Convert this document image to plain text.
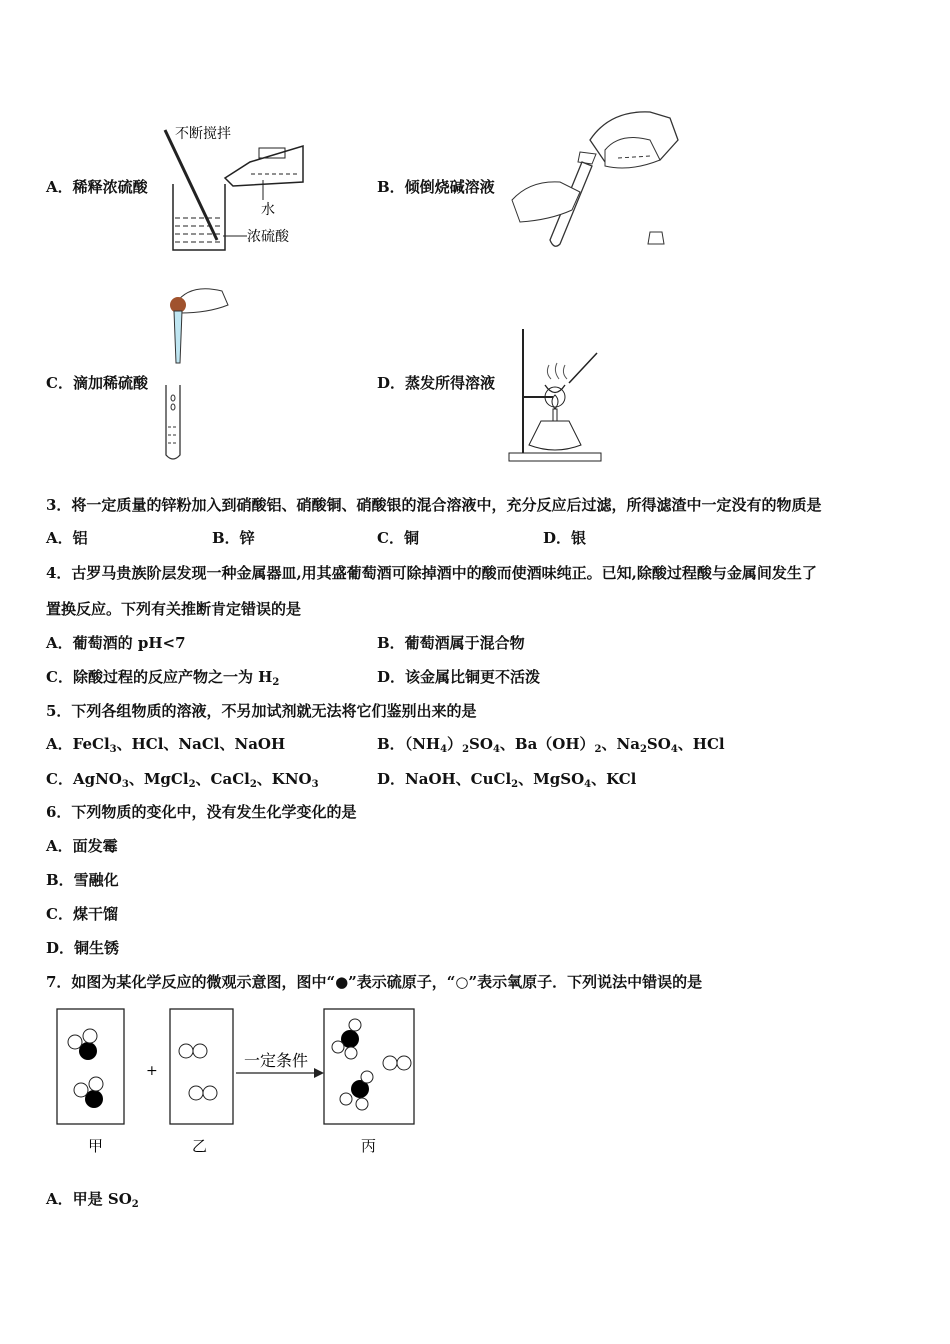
A．稀释浓硫酸
不断搅拌
水
浓硫酸
B．倾倒烧碱溶液
C．滴加稀硫酸	D．蒸发所得溶液
3．将一定质量的锌粉加入到硝酸铝、硝酸铜、硝酸银的混合溶液中，充分反应后过滤，所得滤渣中一定没有的物质是
A．铝	B．锌	C．铜	D．银
4．古罗马贵族阶层发现一种金属器皿,用其盛葡萄酒可除掉酒中的酸而使酒味纯正。已知,除酸过程酸与金属间发生了
置换反应。下列有关推断肯定错误的是
A．葡萄酒的 pH<7	B．葡萄酒属于混合物
C．除酸过程的反应产物之一为 $H_2$	D．该金属比铜更不活泼
5．下列各组物质的溶液，不另加试剂就无法将它们鉴别出来的是
A．FeCl$_3$、HCl、NaCl、NaOH	B．$(NH_4)_2SO_4$、$Ba(OH)_2$、$Na_2SO_4$、HCl
C．AgNO$_3$、MgCl$_2$、CaCl$_2$、$KNO_3$	D．NaOH、CuCl$_2$、MgSO$_4$、KCl
6．下列物质的变化中，没有发生化学变化的是
A．面发霉
B．雪融化
C．煤干馏
D．铜生锈
7．如图为某化学反应的微观示意图，图中“●”表示硫原子，“○”表示氧原子．下列说法中错误的是
+
一定条件
甲	乙	丙
A．甲是 $SO_2$
